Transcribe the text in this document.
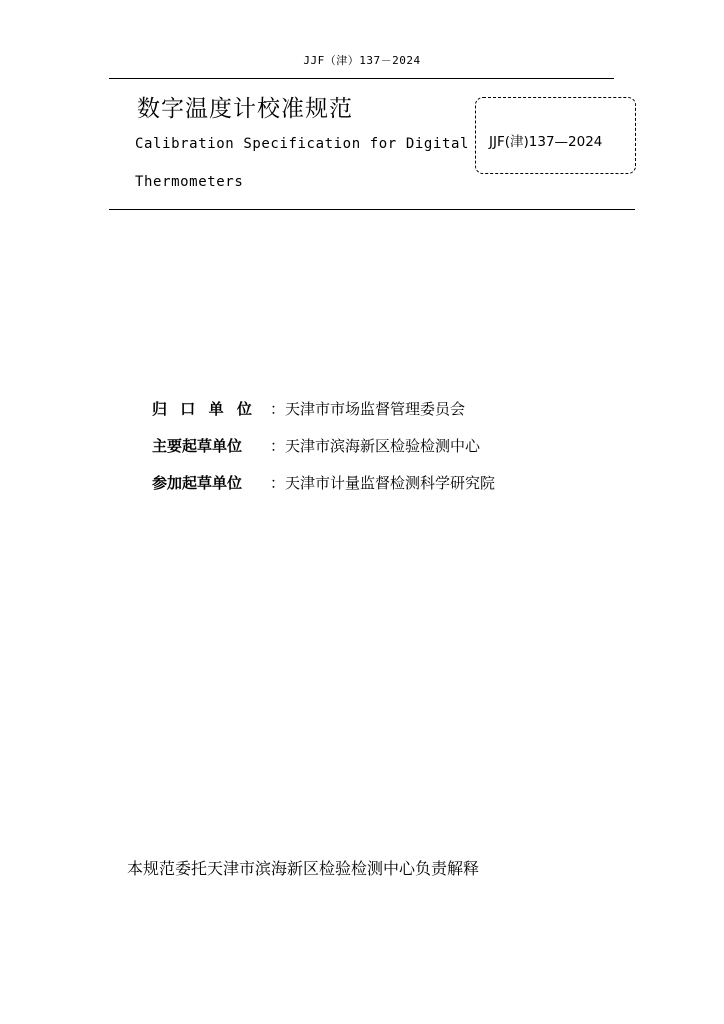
JJF（津）137－2024
数字温度计校准规范
Calibration Specification for Digital
Thermometers
JJF(津)137—2024
归口单位 ： 天津市市场监督管理委员会
主要起草单位	： 天津市滨海新区检验检测中心
参加起草单位	： 天津市计量监督检测科学研究院
本规范委托天津市滨海新区检验检测中心负责解释
